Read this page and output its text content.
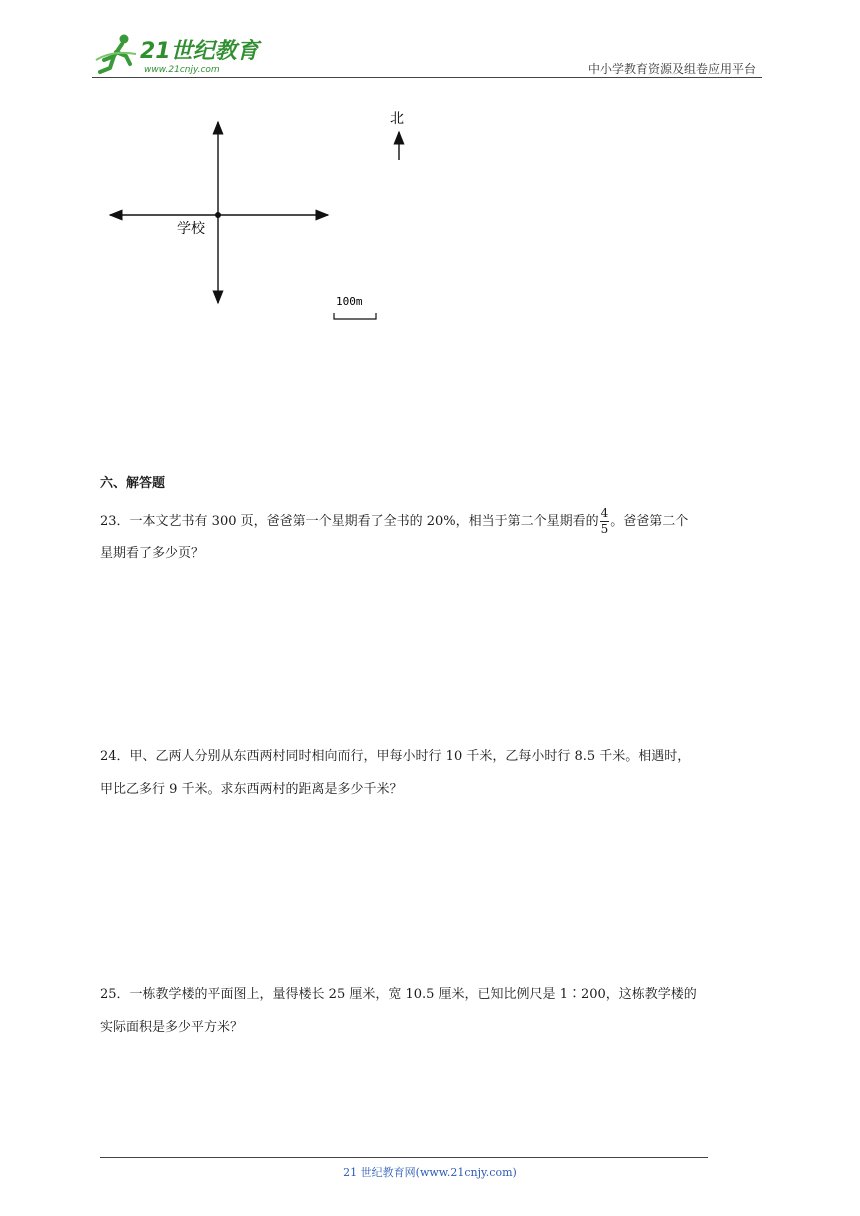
21世纪教育
www.21cnjy.com	中小学教育资源及组卷应用平台
学校
北
100m
六、解答题
23．一本文艺书有 300 页，爸爸第一个星期看了全书的 20%，相当于第二个星期看的 $\frac{4}{5}$ 。爸爸第二个
星期看了多少页？
24．甲、乙两人分别从东西两村同时相向而行，甲每小时行 10 千米，乙每小时行 8.5 千米。相遇时，
甲比乙多行 9 千米。求东西两村的距离是多少千米？
25．一栋教学楼的平面图上，量得楼长 25 厘米，宽 10.5 厘米，已知比例尺是 1∶200，这栋教学楼的
实际面积是多少平方米？
21 世纪教育网(www.21cnjy.com)
